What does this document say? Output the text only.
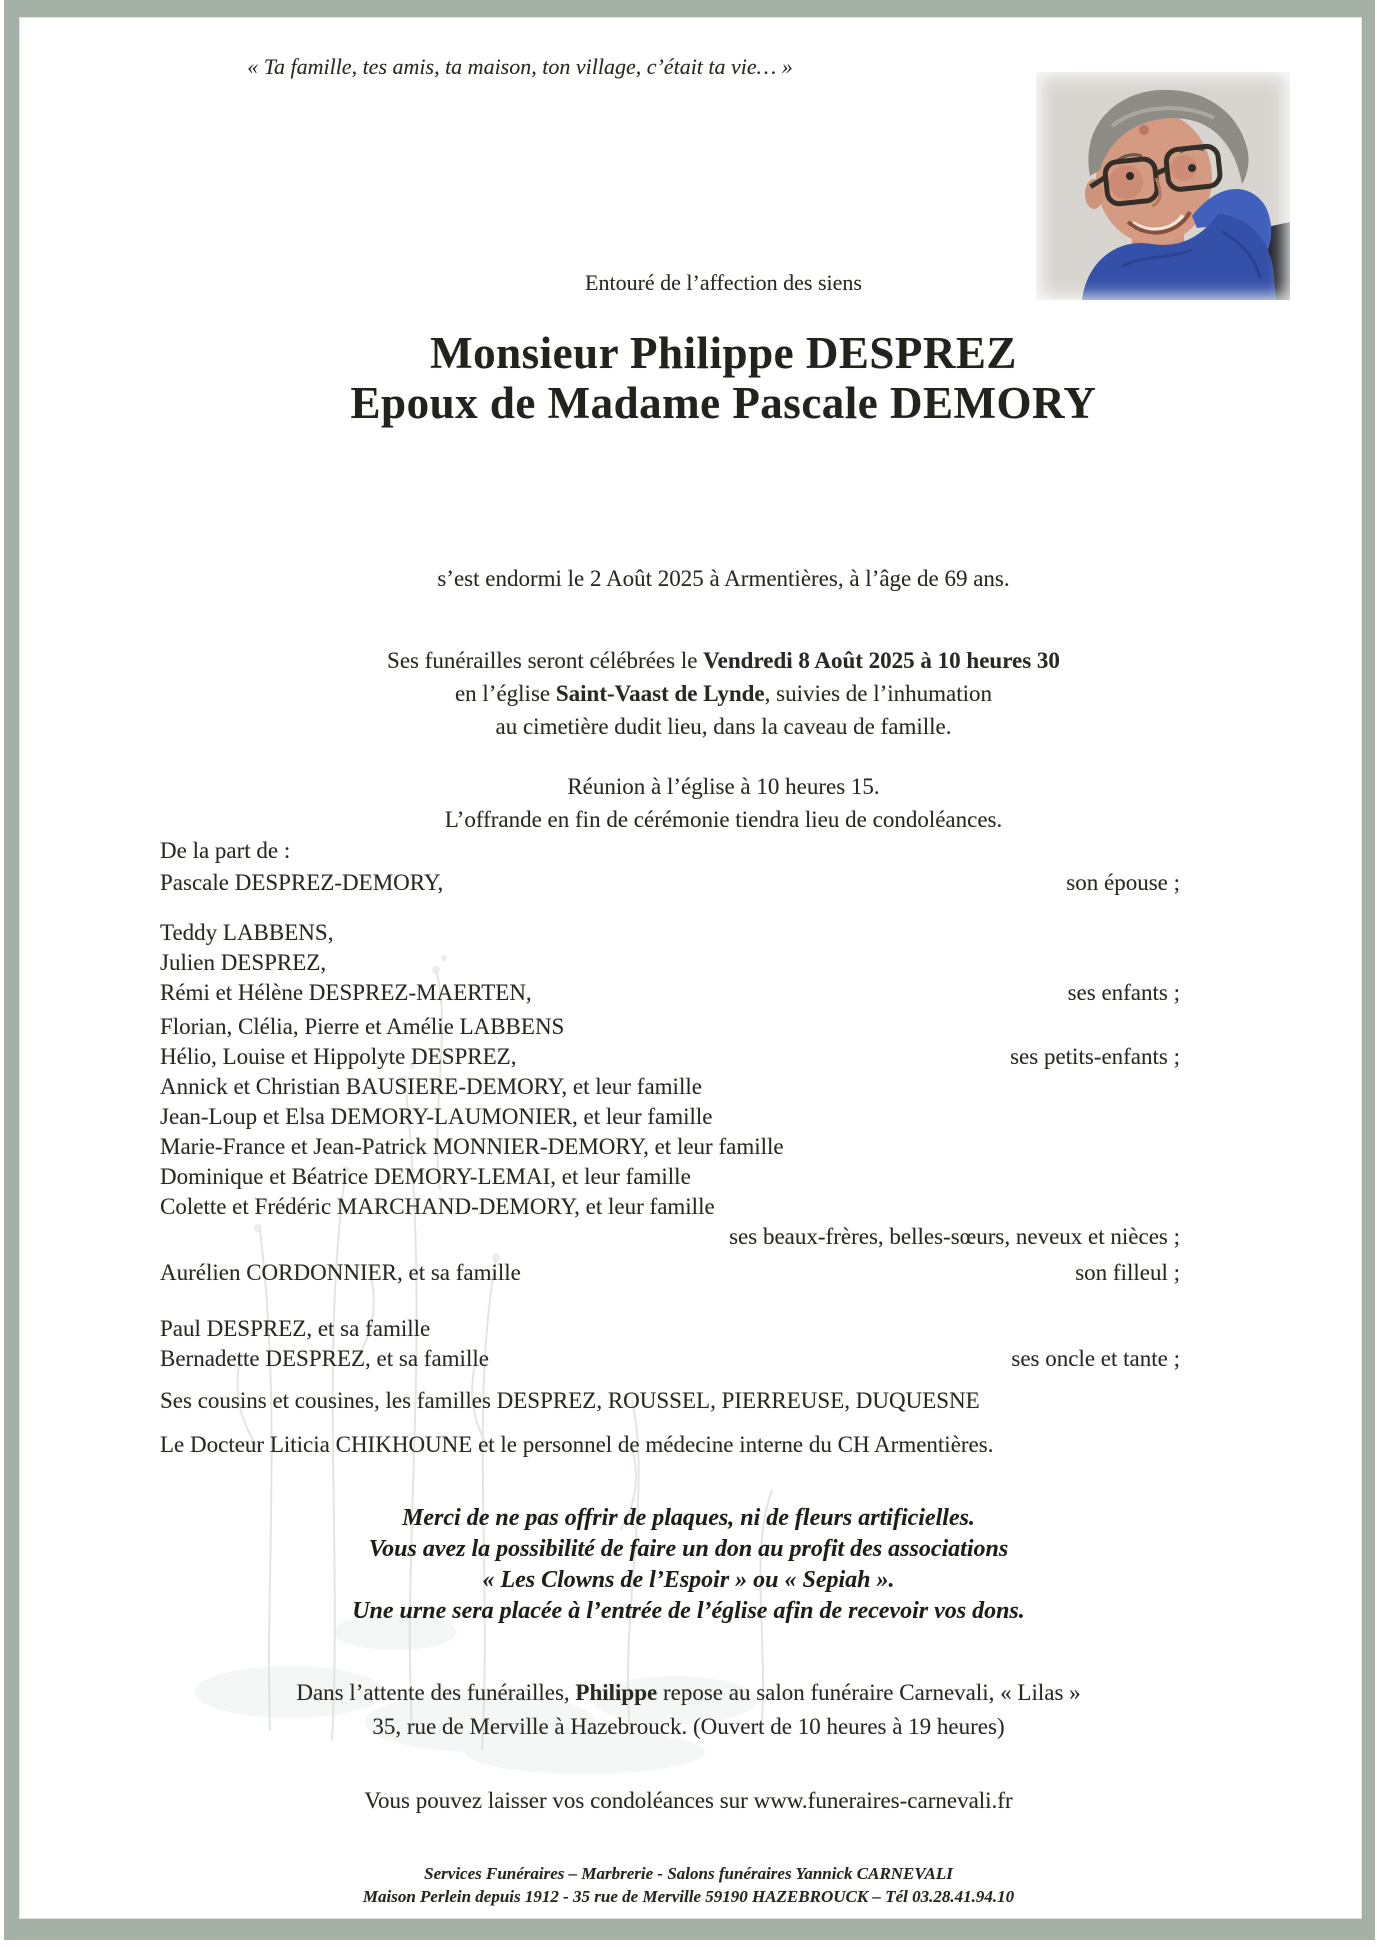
« Ta famille, tes amis, ta maison, ton village, c’était ta vie… »
Entouré de l’affection des siens
Monsieur Philippe DESPREZ
Epoux de Madame Pascale DEMORY
s’est endormi le 2 Août 2025 à Armentières, à l’âge de 69 ans.
Ses funérailles seront célébrées le Vendredi 8 Août 2025 à 10 heures 30
en l’église Saint-Vaast de Lynde, suivies de l’inhumation
au cimetière dudit lieu, dans la caveau de famille.
Réunion à l’église à 10 heures 15.
L’offrande en fin de cérémonie tiendra lieu de condoléances.
De la part de :
Pascale DESPREZ-DEMORY,	son épouse ;
Teddy LABBENS,
Julien DESPREZ,
Rémi et Hélène DESPREZ-MAERTEN,	ses enfants ;
Florian, Clélia, Pierre et Amélie LABBENS
Hélio, Louise et Hippolyte DESPREZ,	ses petits-enfants ;
Annick et Christian BAUSIERE-DEMORY, et leur famille
Jean-Loup et Elsa DEMORY-LAUMONIER, et leur famille
Marie-France et Jean-Patrick MONNIER-DEMORY, et leur famille
Dominique et Béatrice DEMORY-LEMAI, et leur famille
Colette et Frédéric MARCHAND-DEMORY, et leur famille
ses beaux-frères, belles-sœurs, neveux et nièces ;
Aurélien CORDONNIER, et sa famille	son filleul ;
Paul DESPREZ, et sa famille
Bernadette DESPREZ, et sa famille	ses oncle et tante ;
Ses cousins et cousines, les familles DESPREZ, ROUSSEL, PIERREUSE, DUQUESNE
Le Docteur Liticia CHIKHOUNE et le personnel de médecine interne du CH Armentières.
Merci de ne pas offrir de plaques, ni de fleurs artificielles.
Vous avez la possibilité de faire un don au profit des associations
« Les Clowns de l’Espoir » ou « Sepiah ».
Une urne sera placée à l’entrée de l’église afin de recevoir vos dons.
Dans l’attente des funérailles, Philippe repose au salon funéraire Carnevali, « Lilas »
35, rue de Merville à Hazebrouck. (Ouvert de 10 heures à 19 heures)
Vous pouvez laisser vos condoléances sur www.funeraires-carnevali.fr
Services Funéraires – Marbrerie - Salons funéraires Yannick CARNEVALI
Maison Perlein depuis 1912 - 35 rue de Merville 59190 HAZEBROUCK – Tél 03.28.41.94.10
